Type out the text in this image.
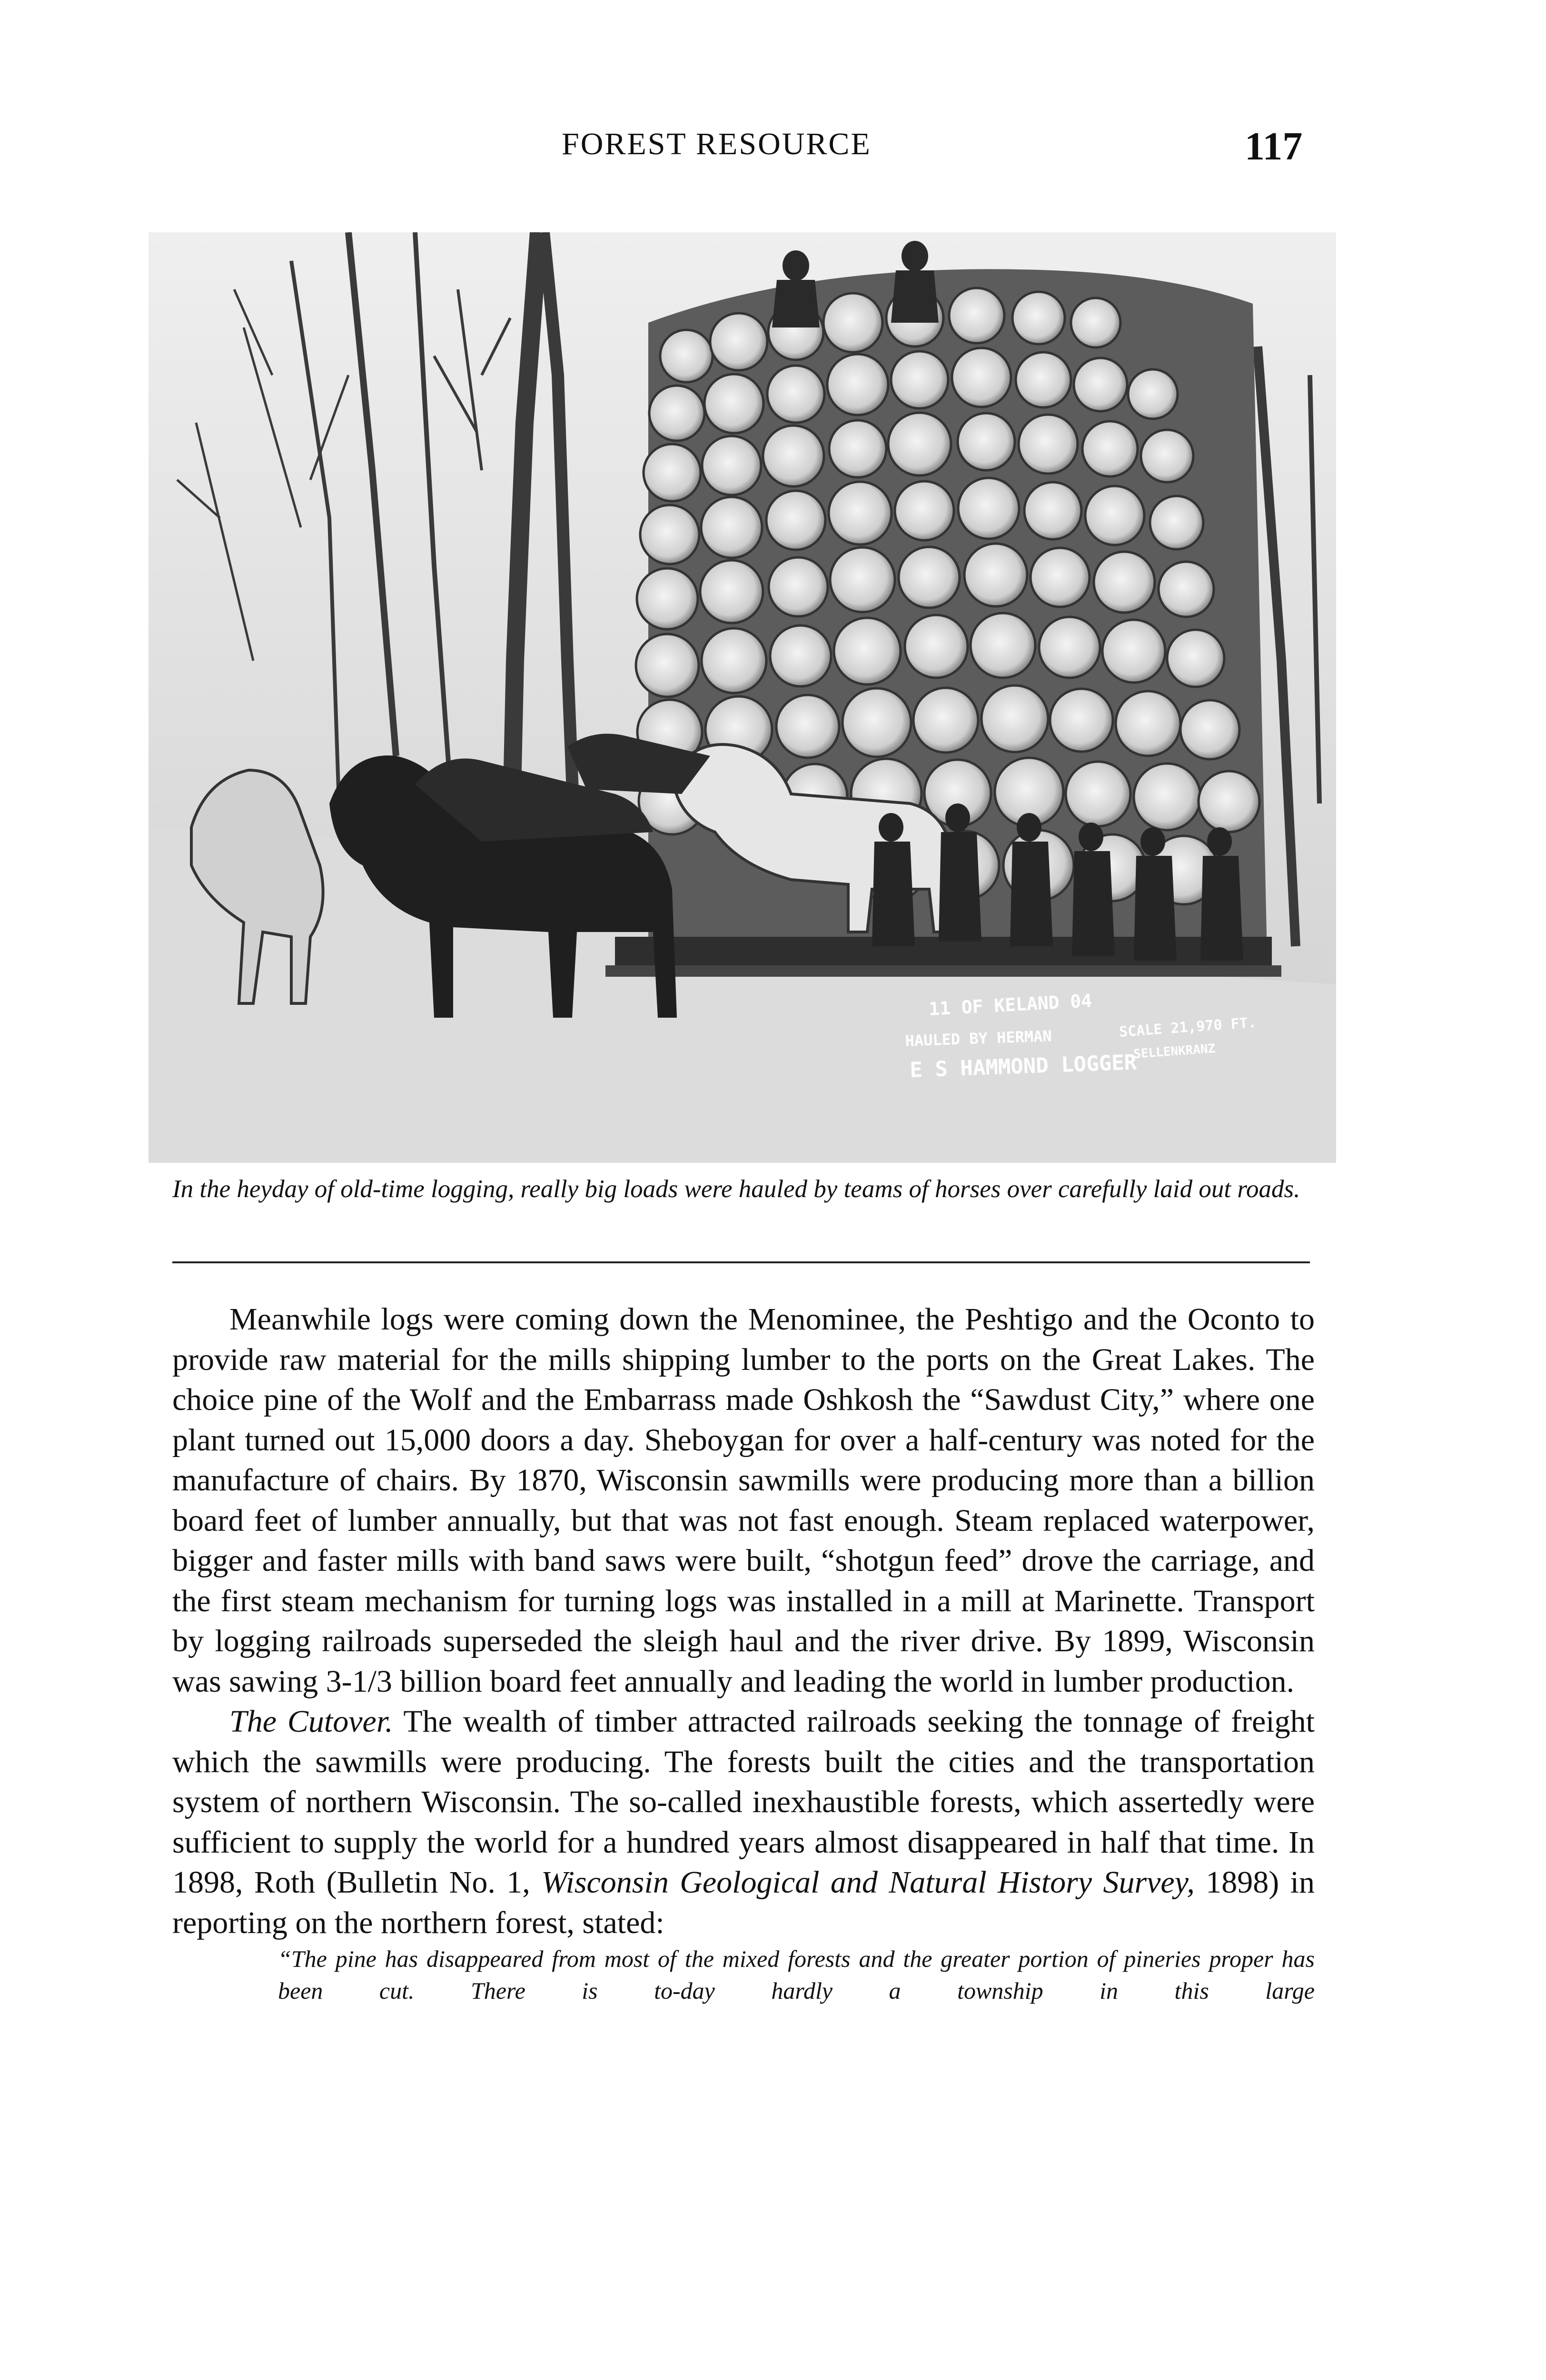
FOREST RESOURCE	117
11 OF KELAND 04
HAULED BY HERMAN	SCALE 21,970 FT.
SELLENKRANZ
E S HAMMOND LOGGER
In the heyday of old-time logging, really big loads were hauled by teams of horses over carefully laid out roads.

Meanwhile logs were coming down the Menominee, the Peshtigo and the Oconto to provide raw material for the mills shipping lumber to the ports on the Great Lakes. The choice pine of the Wolf and the Embarrass made Oshkosh the “Sawdust City,” where one plant turned out 15,000 doors a day. Sheboygan for over a half-century was noted for the manufacture of chairs. By 1870, Wisconsin sawmills were producing more than a billion board feet of lumber annually, but that was not fast enough. Steam replaced waterpower, bigger and faster mills with band saws were built, “shotgun feed” drove the carriage, and the first steam mechanism for turning logs was installed in a mill at Marinette. Transport by logging railroads superseded the sleigh haul and the river drive. By 1899, Wisconsin was sawing 3-1/3 billion board feet annually and leading the world in lumber production.

The Cutover. The wealth of timber attracted railroads seeking the tonnage of freight which the sawmills were producing. The forests built the cities and the transportation system of northern Wisconsin. The so-called inexhaustible forests, which assertedly were sufficient to supply the world for a hundred years almost disappeared in half that time. In 1898, Roth (Bulletin No. 1, Wisconsin Geological and Natural History Survey, 1898) in reporting on the northern forest, stated:

“The pine has disappeared from most of the mixed forests and the greater portion of pineries proper has been cut. There is to-day hardly a township in this large
